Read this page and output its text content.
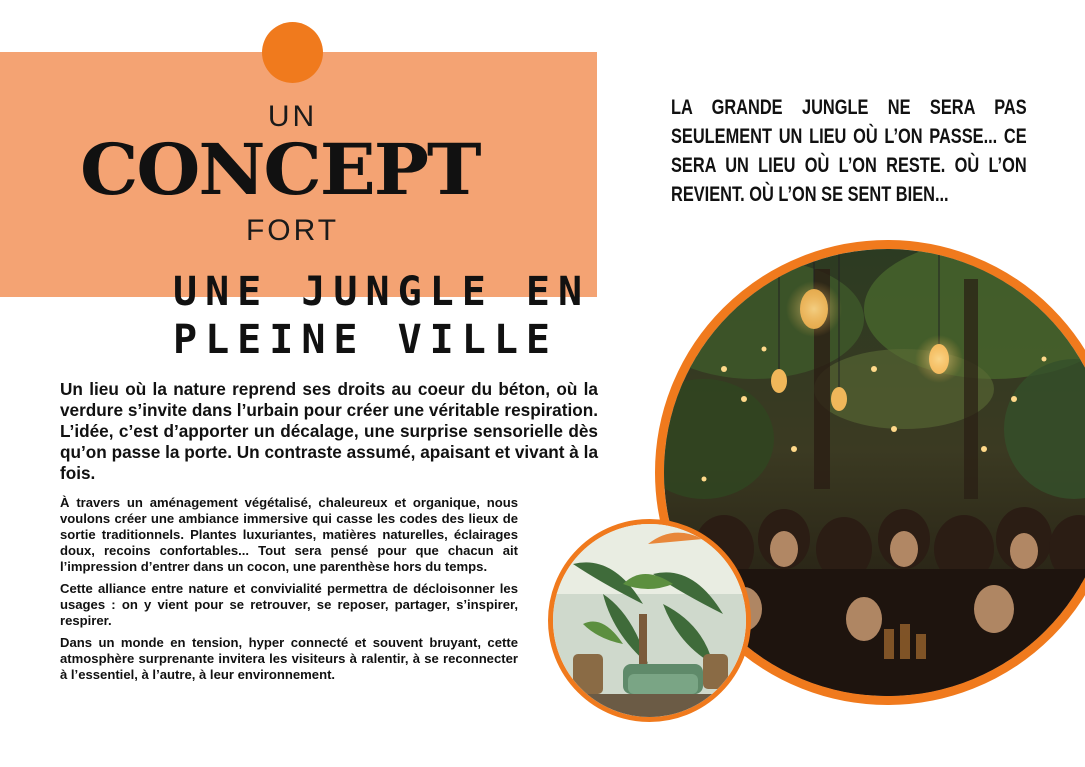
UN
CONCEPT
FORT
LA GRANDE JUNGLE NE SERA PAS SEULEMENT UN LIEU OÙ L’ON PASSE... CE SERA UN LIEU OÙ L’ON RESTE. OÙ L’ON REVIENT. OÙ L’ON SE SENT BIEN...
UNE JUNGLE EN PLEINE VILLE
Un lieu où la nature reprend ses droits au coeur du béton, où la verdure s’invite dans l’urbain pour créer une véritable respiration. L’idée, c’est d’apporter un décalage, une surprise sensorielle dès qu’on passe la porte. Un contraste assumé, apaisant et vivant à la fois.

À travers un aménagement végétalisé, chaleureux et organique, nous voulons créer une ambiance immersive qui casse les codes des lieux de sortie traditionnels. Plantes luxuriantes, matières naturelles, éclairages doux, recoins confortables... Tout sera pensé pour que chacun ait l’impression d’entrer dans un cocon, une parenthèse hors du temps.

Cette alliance entre nature et convivialité permettra de décloisonner les usages : on y vient pour se retrouver, se reposer, partager, s’inspirer, respirer.

Dans un monde en tension, hyper connecté et souvent bruyant, cette atmosphère surprenante invitera les visiteurs à ralentir, à se reconnecter à l’essentiel, à l’autre, à leur environnement.
